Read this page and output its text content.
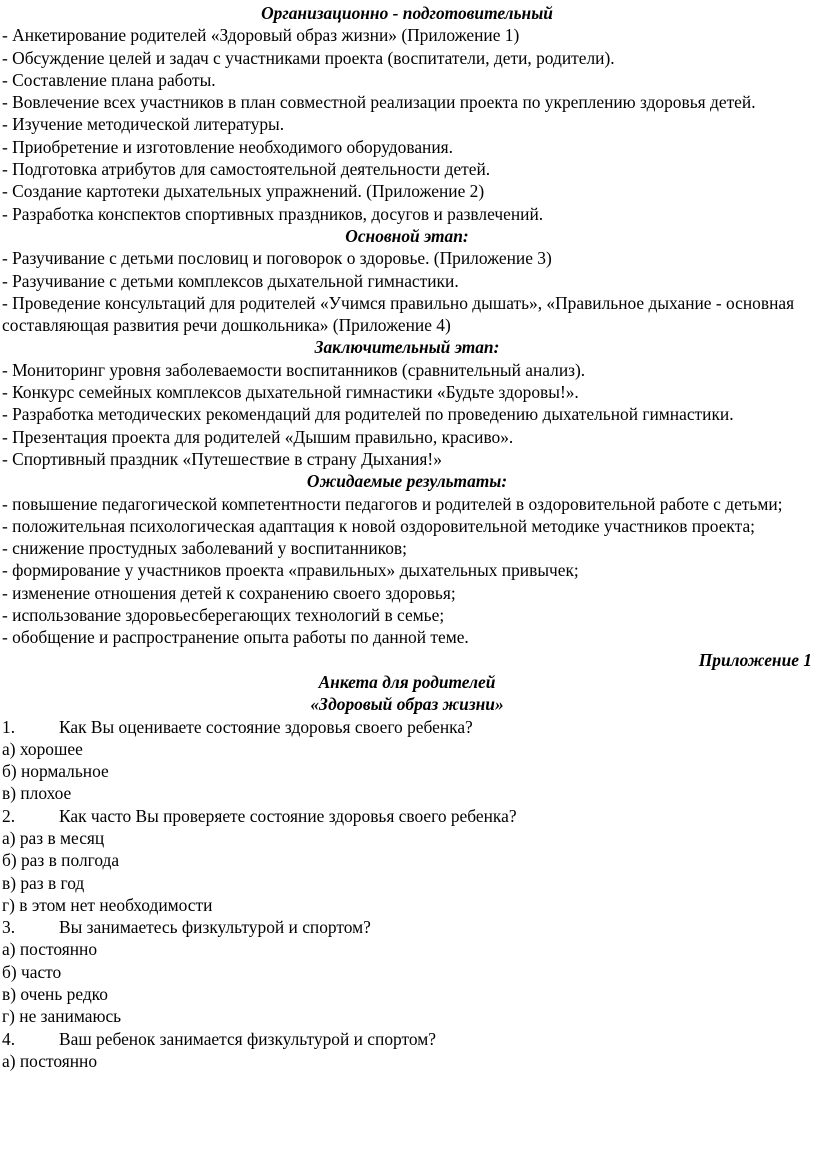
Организационно - подготовительный
- Анкетирование родителей «Здоровый образ жизни» (Приложение 1)
- Обсуждение целей и задач с участниками проекта (воспитатели, дети, родители).
- Составление плана работы.
- Вовлечение всех участников в план совместной реализации проекта по укреплению здоровья детей.
- Изучение методической литературы.
- Приобретение и изготовление необходимого оборудования.
- Подготовка атрибутов для самостоятельной деятельности детей.
- Создание картотеки дыхательных упражнений. (Приложение 2)
- Разработка конспектов спортивных праздников, досугов и развлечений.
Основной этап:
- Разучивание с детьми пословиц и поговорок о здоровье. (Приложение 3)
- Разучивание с детьми комплексов дыхательной гимнастики.
- Проведение консультаций для родителей «Учимся правильно дышать», «Правильное дыхание - основная составляющая развития речи дошкольника» (Приложение 4)
Заключительный этап:
- Мониторинг уровня заболеваемости воспитанников (сравнительный анализ).
- Конкурс семейных комплексов дыхательной гимнастики «Будьте здоровы!».
- Разработка методических рекомендаций для родителей по проведению дыхательной гимнастики.
- Презентация проекта для родителей «Дышим правильно, красиво».
- Спортивный праздник «Путешествие в страну Дыхания!»
Ожидаемые результаты:
- повышение педагогической компетентности педагогов и родителей в оздоровительной работе с детьми;
- положительная психологическая адаптация к новой оздоровительной методике участников проекта;
- снижение простудных заболеваний у воспитанников;
- формирование у участников проекта «правильных» дыхательных привычек;
- изменение отношения детей к сохранению своего здоровья;
- использование здоровьесберегающих технологий в семье;
- обобщение и распространение опыта работы по данной теме.
Приложение 1
Анкета для родителей
«Здоровый образ жизни»
1.	Как Вы оцениваете состояние здоровья своего ребенка?
а) хорошее
б) нормальное
в) плохое
2.	Как часто Вы проверяете состояние здоровья своего ребенка?
а) раз в месяц
б) раз в полгода
в) раз в год
г) в этом нет необходимости
3.	Вы занимаетесь физкультурой и спортом?
а) постоянно
б) часто
в) очень редко
г) не занимаюсь
4.	Ваш ребенок занимается физкультурой и спортом?
а) постоянно
